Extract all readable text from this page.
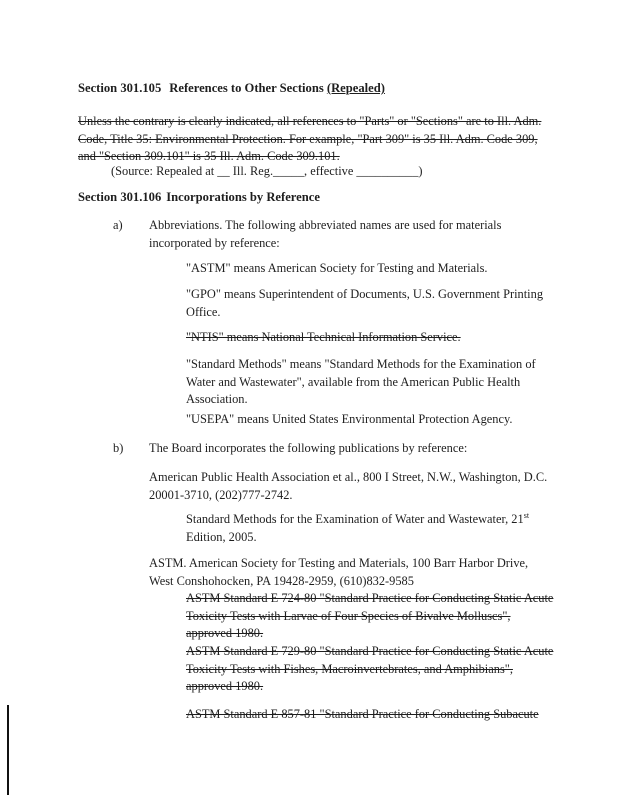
Section 301.105 References to Other Sections (Repealed)
Unless the contrary is clearly indicated, all references to "Parts" or "Sections" are to Ill. Adm.
Code, Title 35: Environmental Protection. For example, "Part 309" is 35 Ill. Adm. Code 309,
and "Section 309.101" is 35 Ill. Adm. Code 309.101.
(Source: Repealed at __ Ill. Reg._____, effective __________)
Section 301.106 Incorporations by Reference
a) Abbreviations. The following abbreviated names are used for materials
incorporated by reference:
"ASTM" means American Society for Testing and Materials.
"GPO" means Superintendent of Documents, U.S. Government Printing
Office.
"NTIS" means National Technical Information Service.
"Standard Methods" means "Standard Methods for the Examination of
Water and Wastewater", available from the American Public Health
Association.
"USEPA" means United States Environmental Protection Agency.
b) The Board incorporates the following publications by reference:
American Public Health Association et al., 800 I Street, N.W., Washington, D.C.
20001-3710, (202)777-2742.
Standard Methods for the Examination of Water and Wastewater, 21st
Edition, 2005.
ASTM. American Society for Testing and Materials, 100 Barr Harbor Drive,
West Conshohocken, PA 19428-2959, (610)832-9585
ASTM Standard E 724-80 "Standard Practice for Conducting Static Acute
Toxicity Tests with Larvae of Four Species of Bivalve Molluscs",
approved 1980.
ASTM Standard E 729-80 "Standard Practice for Conducting Static Acute
Toxicity Tests with Fishes, Macroinvertebrates, and Amphibians",
approved 1980.
ASTM Standard E 857-81 "Standard Practice for Conducting Subacute
